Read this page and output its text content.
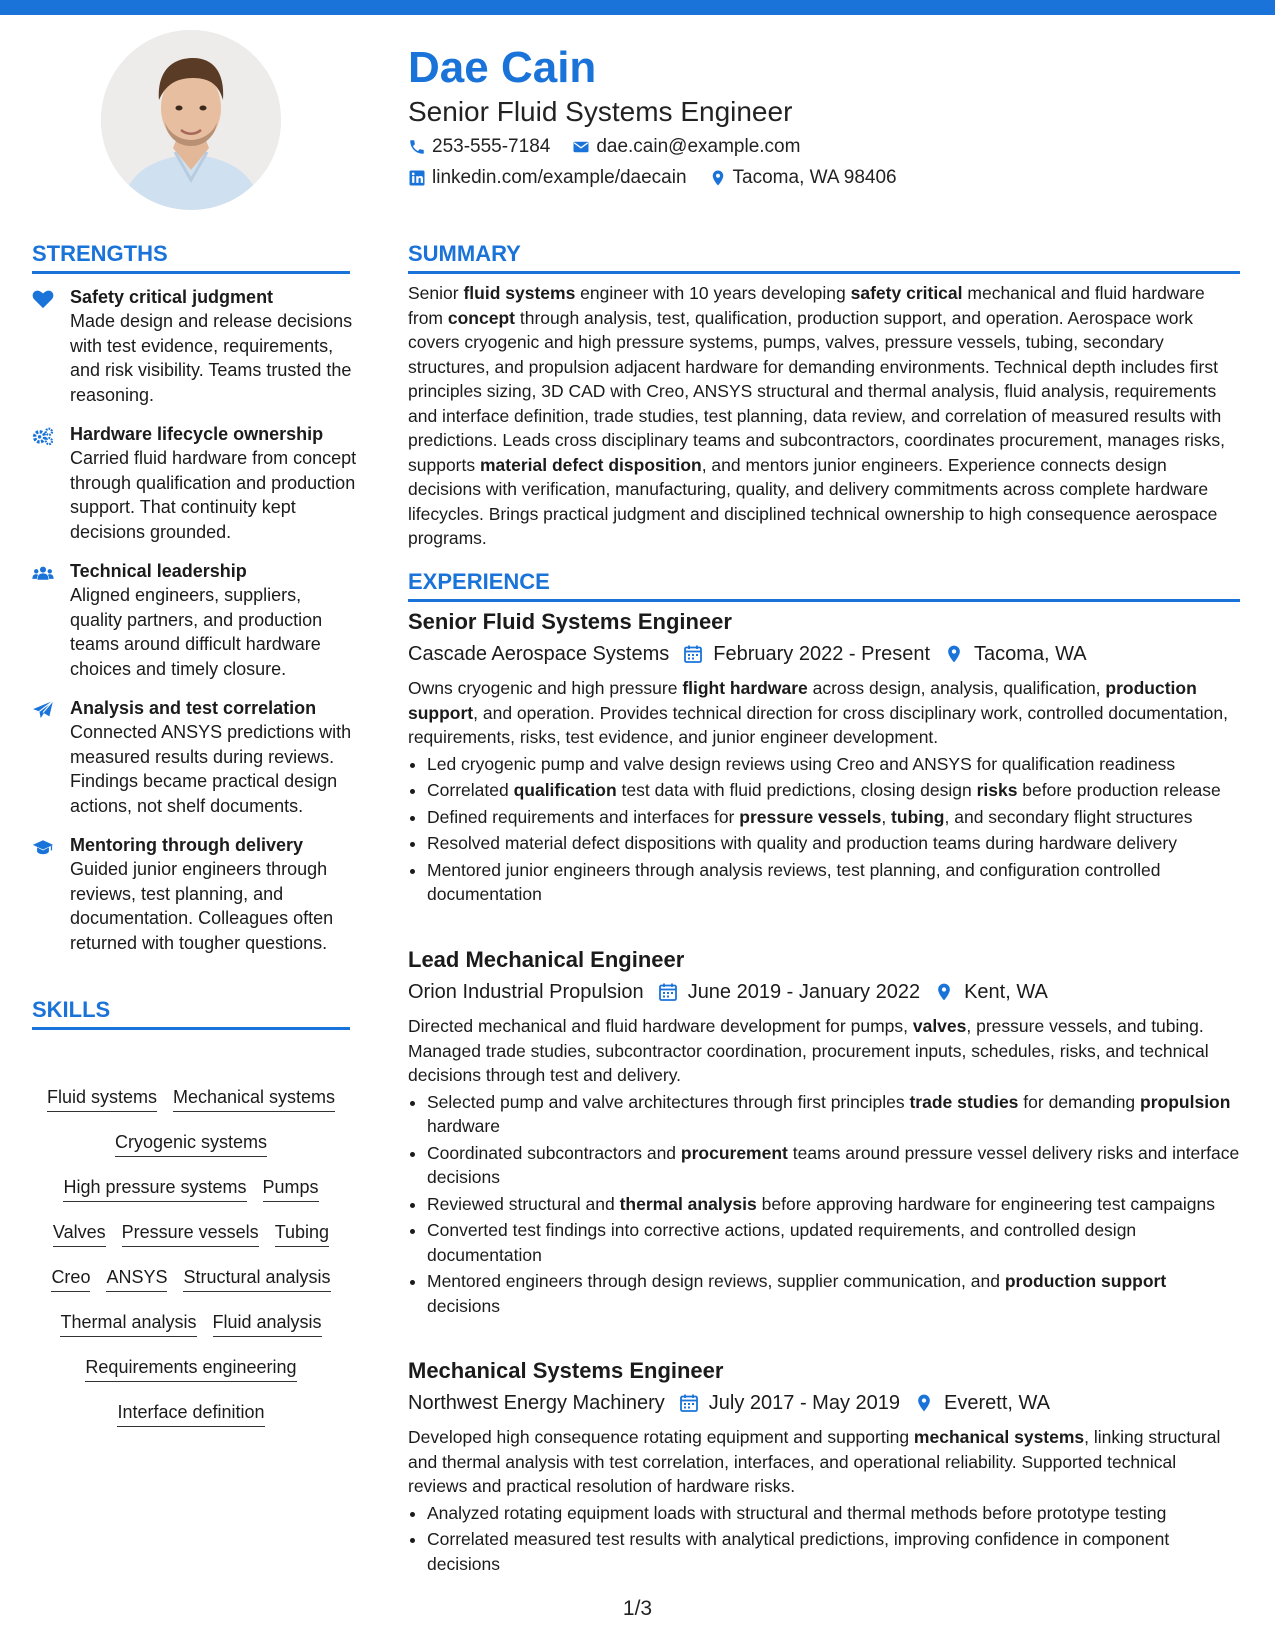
Dae Cain
Senior Fluid Systems Engineer
253-555-7184 dae.cain@example.com
linkedin.com/example/daecain Tacoma, WA 98406
STRENGTHS
Safety critical judgment
Made design and release decisions with test evidence, requirements, and risk visibility. Teams trusted the reasoning.
Hardware lifecycle ownership
Carried fluid hardware from concept through qualification and production support. That continuity kept decisions grounded.
Technical leadership
Aligned engineers, suppliers, quality partners, and production teams around difficult hardware choices and timely closure.
Analysis and test correlation
Connected ANSYS predictions with measured results during reviews. Findings became practical design actions, not shelf documents.
Mentoring through delivery
Guided junior engineers through reviews, test planning, and documentation. Colleagues often returned with tougher questions.
SKILLS
Fluid systems Mechanical systems
Cryogenic systems
High pressure systems Pumps
Valves Pressure vessels Tubing
Creo ANSYS Structural analysis
Thermal analysis Fluid analysis
Requirements engineering
Interface definition
SUMMARY
Senior fluid systems engineer with 10 years developing safety critical mechanical and fluid hardware from concept through analysis, test, qualification, production support, and operation. Aerospace work covers cryogenic and high pressure systems, pumps, valves, pressure vessels, tubing, secondary structures, and propulsion adjacent hardware for demanding environments. Technical depth includes first principles sizing, 3D CAD with Creo, ANSYS structural and thermal analysis, fluid analysis, requirements and interface definition, trade studies, test planning, data review, and correlation of measured results with predictions. Leads cross disciplinary teams and subcontractors, coordinates procurement, manages risks, supports material defect disposition, and mentors junior engineers. Experience connects design decisions with verification, manufacturing, quality, and delivery commitments across complete hardware lifecycles. Brings practical judgment and disciplined technical ownership to high consequence aerospace programs.
EXPERIENCE
Senior Fluid Systems Engineer
Cascade Aerospace Systems February 2022 - Present Tacoma, WA
Owns cryogenic and high pressure flight hardware across design, analysis, qualification, production support, and operation. Provides technical direction for cross disciplinary work, controlled documentation, requirements, risks, test evidence, and junior engineer development.
• Led cryogenic pump and valve design reviews using Creo and ANSYS for qualification readiness
• Correlated qualification test data with fluid predictions, closing design risks before production release
• Defined requirements and interfaces for pressure vessels, tubing, and secondary flight structures
• Resolved material defect dispositions with quality and production teams during hardware delivery
• Mentored junior engineers through analysis reviews, test planning, and configuration controlled documentation
Lead Mechanical Engineer
Orion Industrial Propulsion June 2019 - January 2022 Kent, WA
Directed mechanical and fluid hardware development for pumps, valves, pressure vessels, and tubing. Managed trade studies, subcontractor coordination, procurement inputs, schedules, risks, and technical decisions through test and delivery.
• Selected pump and valve architectures through first principles trade studies for demanding propulsion hardware
• Coordinated subcontractors and procurement teams around pressure vessel delivery risks and interface decisions
• Reviewed structural and thermal analysis before approving hardware for engineering test campaigns
• Converted test findings into corrective actions, updated requirements, and controlled design documentation
• Mentored engineers through design reviews, supplier communication, and production support decisions
Mechanical Systems Engineer
Northwest Energy Machinery July 2017 - May 2019 Everett, WA
Developed high consequence rotating equipment and supporting mechanical systems, linking structural and thermal analysis with test correlation, interfaces, and operational reliability. Supported technical reviews and practical resolution of hardware risks.
• Analyzed rotating equipment loads with structural and thermal methods before prototype testing
• Correlated measured test results with analytical predictions, improving confidence in component decisions
1/3
